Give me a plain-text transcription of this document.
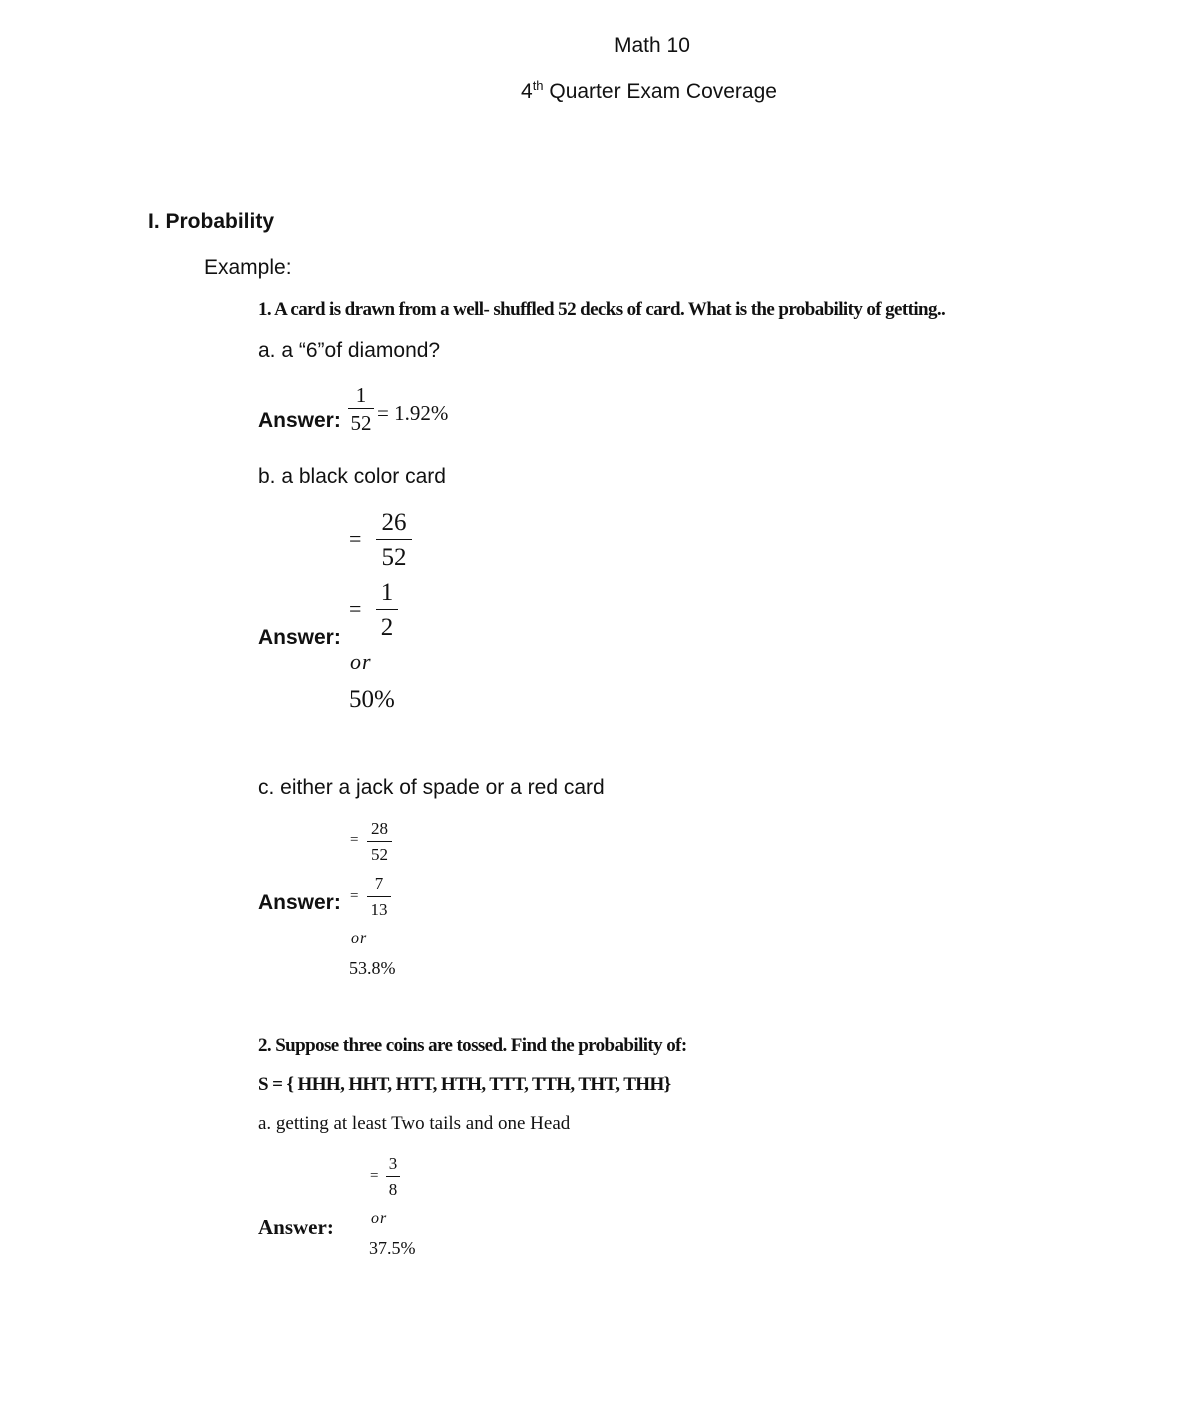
Math 10
4th Quarter Exam Coverage
I. Probability
Example:
1. A card is drawn from a well- shuffled 52 decks of card. What is the probability of getting..
a. a “6”of diamond?
Answer:
1
52 = 1.92%
b. a black color card
Answer:
=
26
52
=
1
2
or
50%
c. either a jack of spade or a red card
Answer:
=
28
52
=
7
13
or
53.8%
2. Suppose three coins are tossed. Find the probability of:
S = { HHH, HHT, HTT, HTH, TTT, TTH, THT, THH}
a. getting at least Two tails and one Head
Answer:
=
3
8
or
37.5%
